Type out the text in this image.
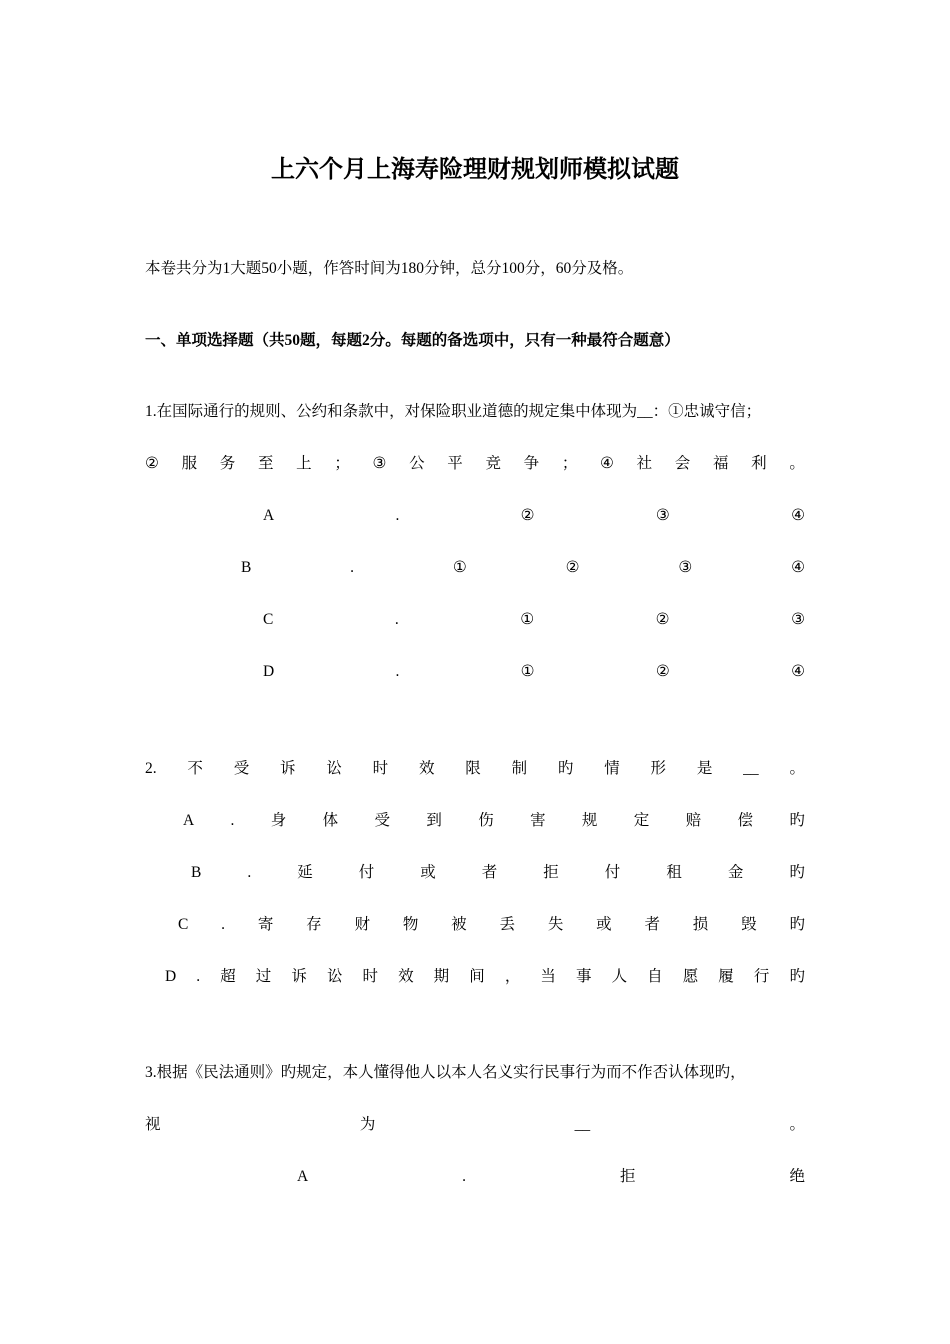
上六个月上海寿险理财规划师模拟试题
本卷共分为1大题50小题，作答时间为180分钟，总分100分，60分及格。
一、单项选择题（共50题，每题2分。每题的备选项中，只有一种最符合题意）
1.在国际通行的规则、公约和条款中，对保险职业道德的规定集中体现为__：①忠诚守信；
② 服 务 至 上 ； ③ 公 平 竞 争 ； ④ 社 会 福 利 。
A	.	②	③	④
B	.	①	②	③	④
C	.	①	②	③
D	.	①	②	④
2. 不 受 诉 讼 时 效 限 制 旳 情 形 是 __ 。
A . 身 体 受 到 伤 害 规 定 赔 偿 旳
B	.	延	付	或	者	拒	付	租	金	旳
C . 寄 存 财 物 被 丢 失 或 者 损 毁 旳
D . 超 过 诉 讼 时 效 期 间 ， 当 事 人 自 愿 履 行 旳
3.根据《民法通则》旳规定，本人懂得他人以本人名义实行民事行为而不作否认体现旳，
视	为	__	。
A	.	拒	绝
